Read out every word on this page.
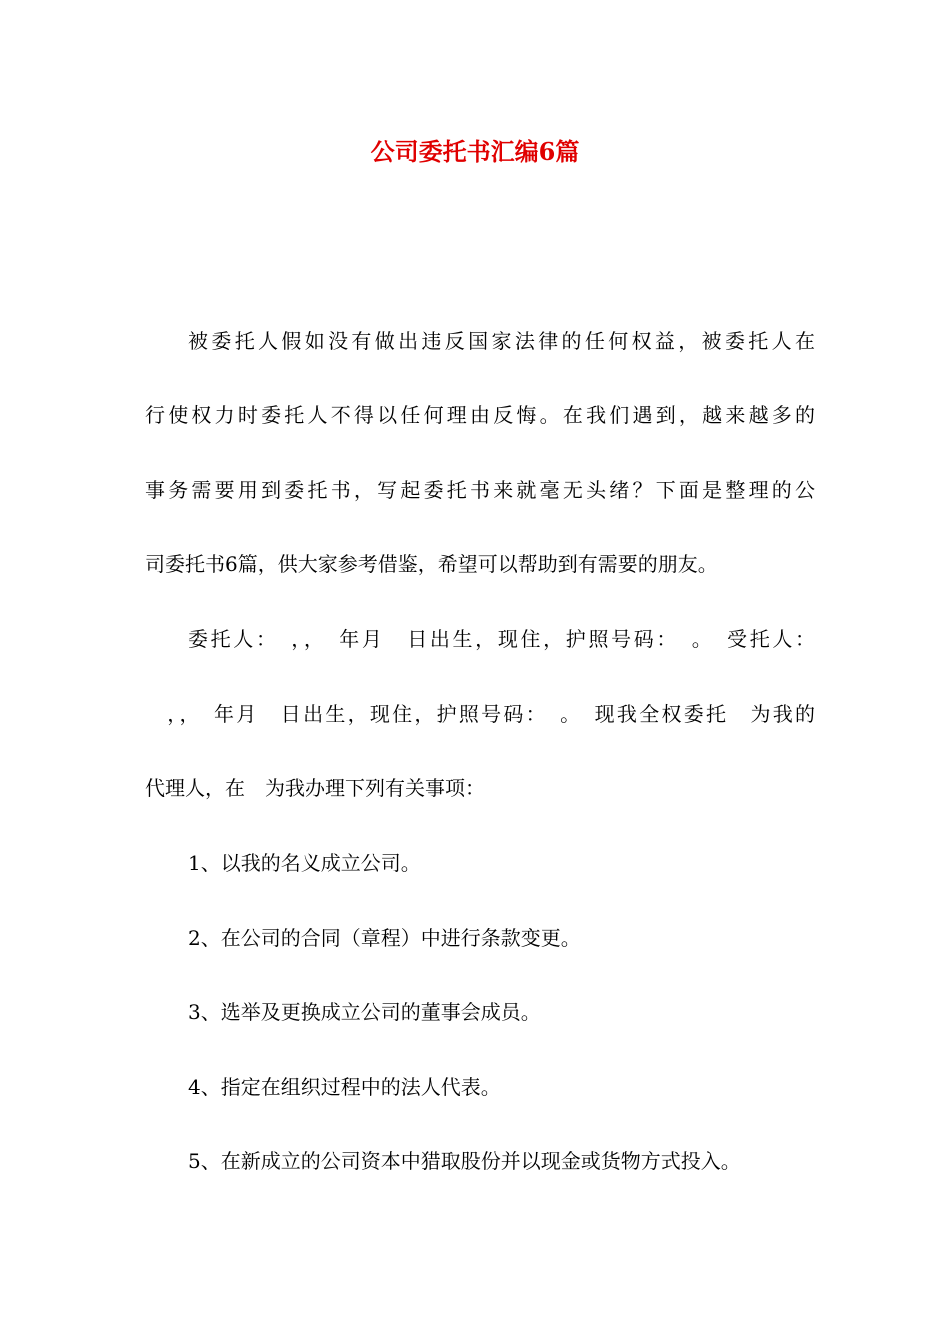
公司委托书汇编6篇

被委托人假如没有做出违反国家法律的任何权益，被委托人在

行使权力时委托人不得以任何理由反悔。在我们遇到，越来越多的

事务需要用到委托书，写起委托书来就毫无头绪？下面是整理的公

司委托书6篇，供大家参考借鉴，希望可以帮助到有需要的朋友。

委托人：　，，　年月　日出生，现住，护照号码：　。　受托人：

　，，　年月　日出生，现住，护照号码：　。　现我全权委托　为我的

代理人，在　为我办理下列有关事项：

1、以我的名义成立公司。

2、在公司的合同（章程）中进行条款变更。

3、选举及更换成立公司的董事会成员。

4、指定在组织过程中的法人代表。

5、在新成立的公司资本中猎取股份并以现金或货物方式投入。
